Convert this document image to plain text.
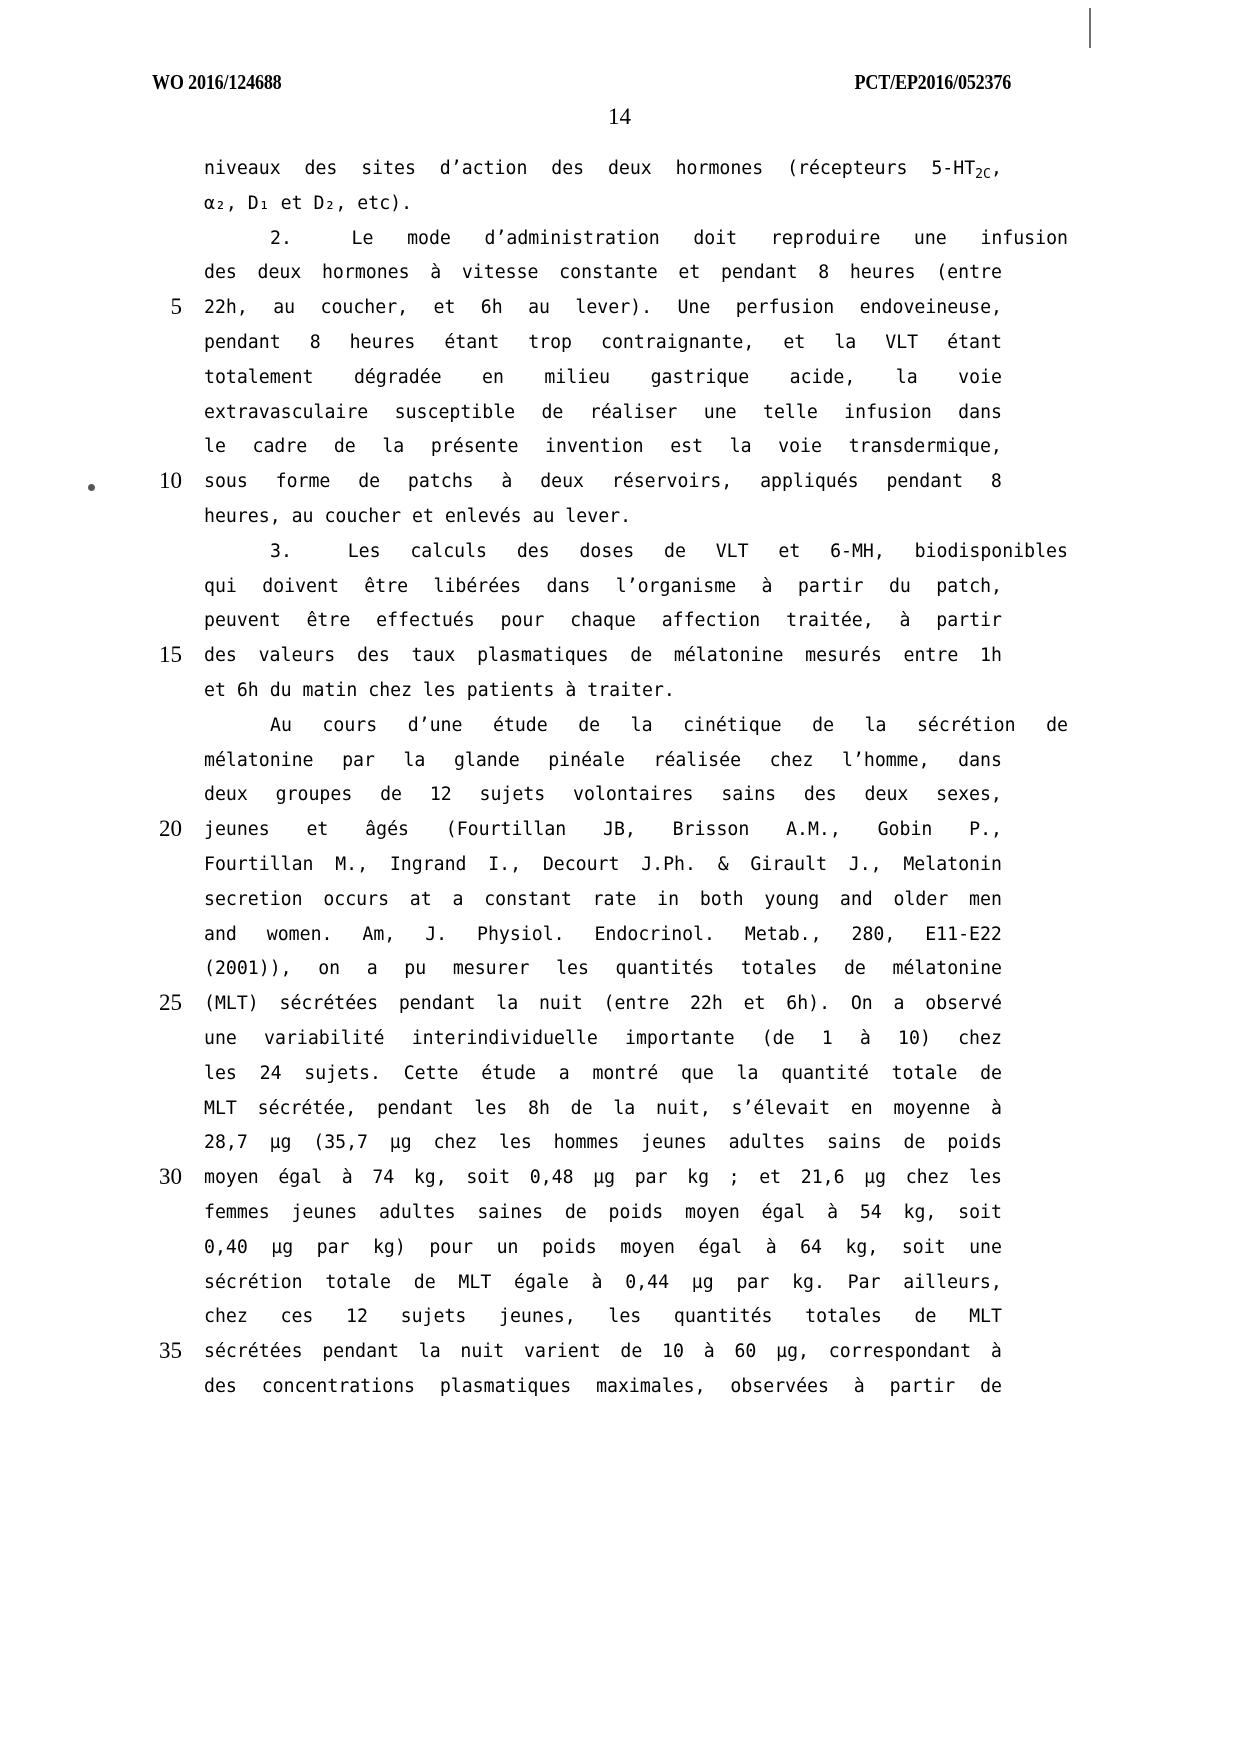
WO 2016/124688	PCT/EP2016/052376
14
niveaux des sites d’action des deux hormones (récepteurs $5-HT_{2C}$,
α₂, D₁ et D₂, etc).
2.	Le mode d’administration doit reproduire une infusion
des deux hormones à vitesse constante et pendant 8 heures (entre
5 22h, au coucher, et 6h au lever). Une perfusion endoveineuse,
pendant 8 heures étant trop contraignante, et la VLT étant
totalement dégradée en milieu gastrique acide, la voie
extravasculaire susceptible de réaliser une telle infusion dans
le cadre de la présente invention est la voie transdermique,
10 sous forme de patchs à deux réservoirs, appliqués pendant 8
heures, au coucher et enlevés au lever.
3.	Les calculs des doses de VLT et 6-MH, biodisponibles
qui doivent être libérées dans l’organisme à partir du patch,
peuvent être effectués pour chaque affection traitée, à partir
15 des valeurs des taux plasmatiques de mélatonine mesurés entre 1h
et 6h du matin chez les patients à traiter.
Au cours d’une étude de la cinétique de la sécrétion de
mélatonine par la glande pinéale réalisée chez l’homme, dans
deux groupes de 12 sujets volontaires sains des deux sexes,
20 jeunes et âgés (Fourtillan JB, Brisson A.M., Gobin P.,
Fourtillan M., Ingrand I., Decourt J.Ph. & Girault J., Melatonin
secretion occurs at a constant rate in both young and older men
and women. Am, J. Physiol. Endocrinol. Metab., 280, E11-E22
(2001)), on a pu mesurer les quantités totales de mélatonine
25 (MLT) sécrétées pendant la nuit (entre 22h et 6h). On a observé
une variabilité interindividuelle importante (de 1 à 10) chez
les 24 sujets. Cette étude a montré que la quantité totale de
MLT sécrétée, pendant les 8h de la nuit, s’élevait en moyenne à
28,7 µg (35,7 µg chez les hommes jeunes adultes sains de poids
30 moyen égal à 74 kg, soit 0,48 µg par kg ; et 21,6 µg chez les
femmes jeunes adultes saines de poids moyen égal à 54 kg, soit
0,40 µg par kg) pour un poids moyen égal à 64 kg, soit une
sécrétion totale de MLT égale à 0,44 µg par kg. Par ailleurs,
chez ces 12 sujets jeunes, les quantités totales de MLT
35 sécrétées pendant la nuit varient de 10 à 60 µg, correspondant à
des concentrations plasmatiques maximales, observées à partir de
